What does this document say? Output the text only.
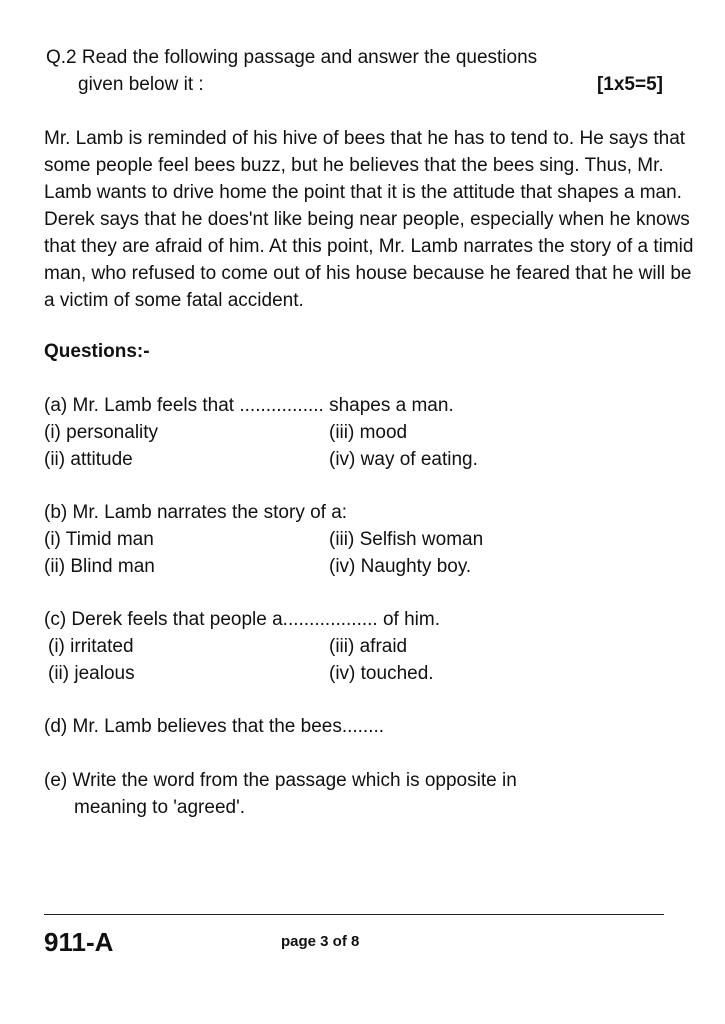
Q.2 Read the following passage and answer the questions
given below it :	[1x5=5]

Mr. Lamb is reminded of his hive of bees that he has to tend to. He says that some people feel bees buzz, but he believes that the bees sing. Thus, Mr. Lamb wants to drive home the point that it is the attitude that shapes a man.

Derek says that he does'nt like being near people, especially when he knows that they are afraid of him. At this point, Mr. Lamb narrates the story of a timid man, who refused to come out of his house because he feared that he will be a victim of some fatal accident.

Questions:-
(a) Mr. Lamb feels that ................ shapes a man.
(i) personality
(ii) attitude
(iii) mood
(iv) way of eating.
(b) Mr. Lamb narrates the story of a:
(i) Timid man
(ii) Blind man
(iii) Selfish woman
(iv) Naughty boy.
(c) Derek feels that people a.................. of him.
(i) irritated
(ii) jealous
(iii) afraid
(iv) touched.
(d) Mr. Lamb believes that the bees........
(e) Write the word from the passage which is opposite in
meaning to 'agreed'.
911-A	page 3 of 8
